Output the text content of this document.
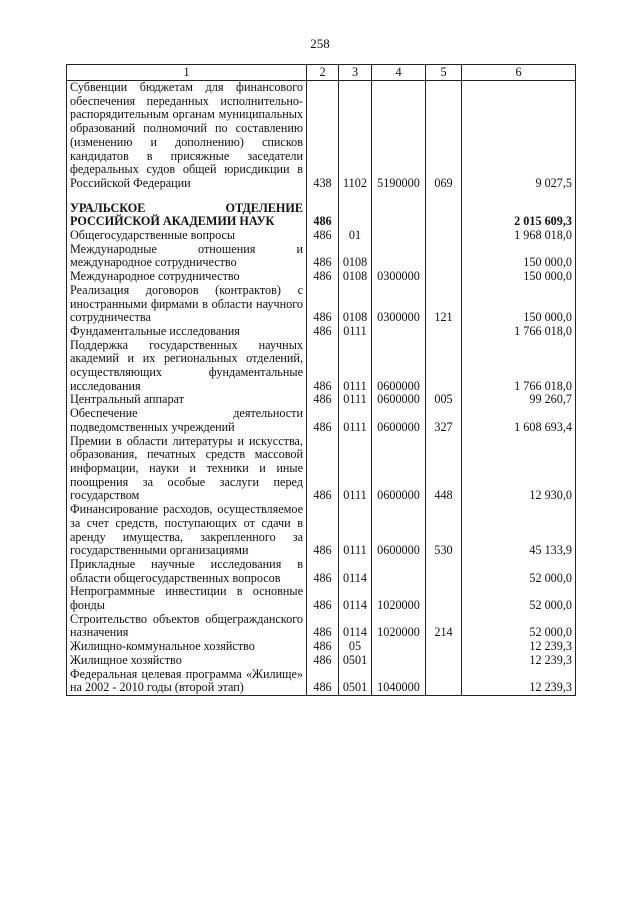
258
1	2	3	4	5	6
Субвенции бюджетам для финансового обеспечения переданных исполнительно-распорядительным органам муниципальных образований полномочий по составлению (изменению и дополнению) списков кандидатов в присяжные заседатели федеральных судов общей юрисдикции в Российской Федерации	438	1102	5190000	069	9 027,5
УРАЛЬСКОЕ ОТДЕЛЕНИЕ РОССИЙСКОЙ АКАДЕМИИ НАУК	486				2 015 609,3
Общегосударственные вопросы	486	01			1 968 018,0
Международные отношения и международное сотрудничество	486	0108			150 000,0
Международное сотрудничество	486	0108	0300000		150 000,0
Реализация договоров (контрактов) с иностранными фирмами в области научного сотрудничества	486	0108	0300000	121	150 000,0
Фундаментальные исследования	486	0111			1 766 018,0
Поддержка государственных научных академий и их региональных отделений, осуществляющих фундаментальные исследования	486	0111	0600000		1 766 018,0
Центральный аппарат	486	0111	0600000	005	99 260,7
Обеспечение деятельности подведомственных учреждений	486	0111	0600000	327	1 608 693,4
Премии в области литературы и искусства, образования, печатных средств массовой информации, науки и техники и иные поощрения за особые заслуги перед государством	486	0111	0600000	448	12 930,0
Финансирование расходов, осуществляемое за счет средств, поступающих от сдачи в аренду имущества, закрепленного за государственными организациями	486	0111	0600000	530	45 133,9
Прикладные научные исследования в области общегосударственных вопросов	486	0114			52 000,0
Непрограммные инвестиции в основные фонды	486	0114	1020000		52 000,0
Строительство объектов общегражданского назначения	486	0114	1020000	214	52 000,0
Жилищно-коммунальное хозяйство	486	05			12 239,3
Жилищное хозяйство	486	0501			12 239,3
Федеральная целевая программа «Жилище» на 2002 - 2010 годы (второй этап)	486	0501	1040000		12 239,3
